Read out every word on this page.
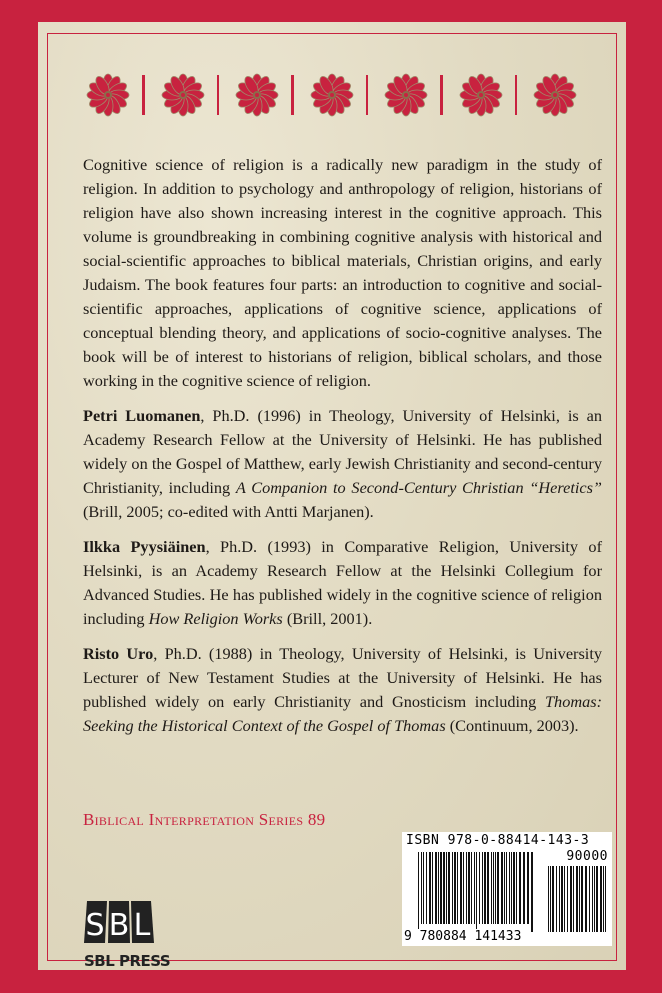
Cognitive science of religion is a radically new paradigm in the study of religion. In addition to psychology and anthropology of religion, historians of religion have also shown increasing interest in the cognitive approach. This volume is groundbreaking in combining cognitive analysis with historical and social-scientific approaches to biblical materials, Christian origins, and early Judaism. The book features four parts: an introduction to cognitive and social-scientific approaches, applications of cognitive science, applications of conceptual blending theory, and applications of socio-cognitive analyses. The book will be of interest to historians of religion, biblical scholars, and those working in the cognitive science of religion.

Petri Luomanen, Ph.D. (1996) in Theology, University of Helsinki, is an Academy Research Fellow at the University of Helsinki. He has published widely on the Gospel of Matthew, early Jewish Christianity and second-century Christianity, including A Companion to Second-Century Christian “Heretics” (Brill, 2005; co-edited with Antti Marjanen).

Ilkka Pyysiäinen, Ph.D. (1993) in Comparative Religion, University of Helsinki, is an Academy Research Fellow at the Helsinki Collegium for Advanced Studies. He has published widely in the cognitive science of religion including How Religion Works (Brill, 2001).

Risto Uro, Ph.D. (1988) in Theology, University of Helsinki, is University Lecturer of New Testament Studies at the University of Helsinki. He has published widely on early Christianity and Gnosticism including Thomas: Seeking the Historical Context of the Gospel of Thomas (Continuum, 2003).

Biblical Interpretation Series 89
ISBN 978-0-88414-143-3
90000
9 780884 141433
S B L
SBL PRESS
